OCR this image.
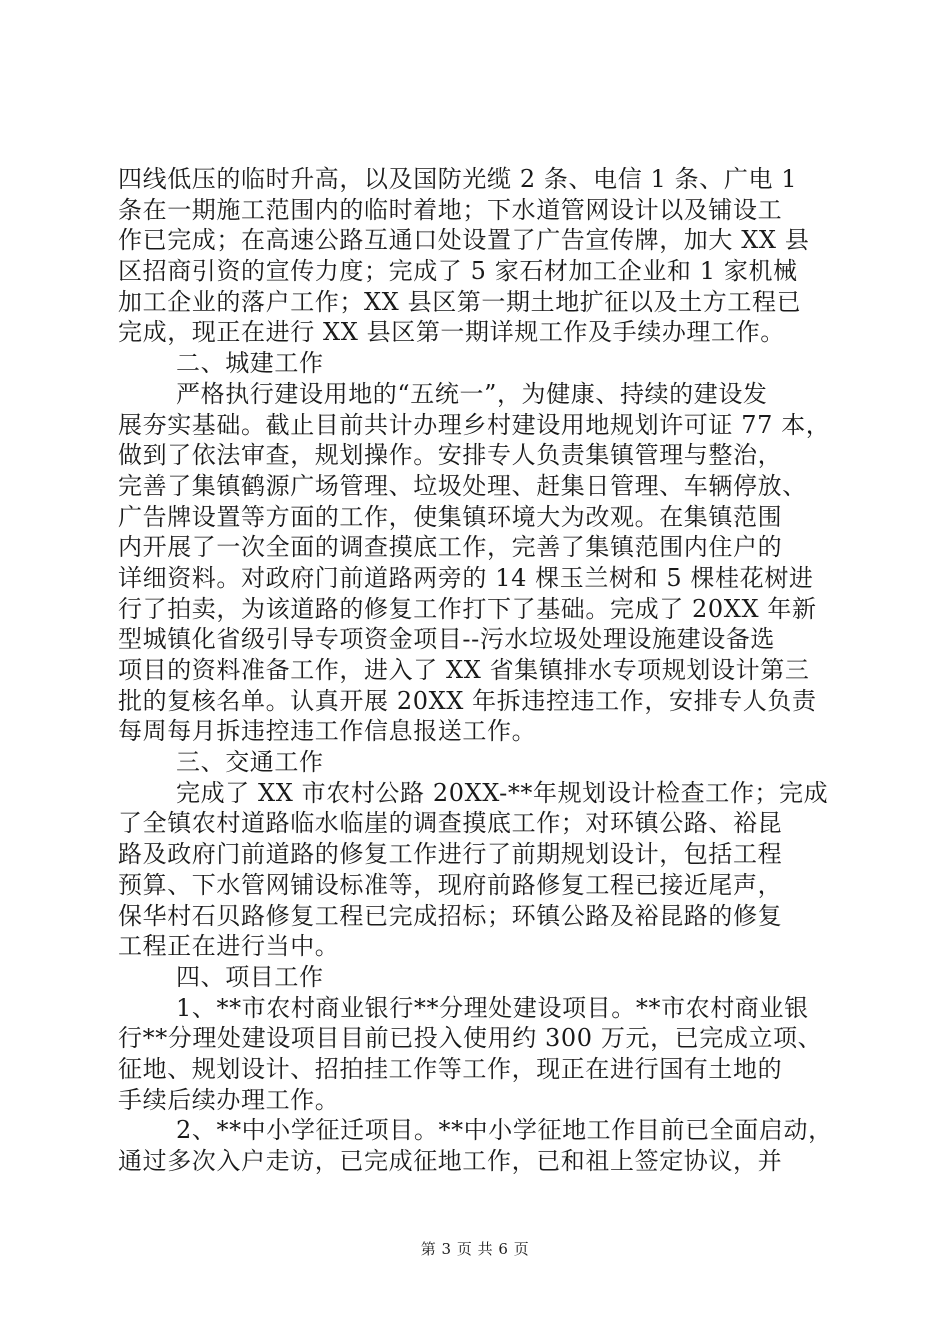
四线低压的临时升高，以及国防光缆 2 条、电信 1 条、广电 1
条在一期施工范围内的临时着地；下水道管网设计以及铺设工
作已完成；在高速公路互通口处设置了广告宣传牌，加大 XX 县
区招商引资的宣传力度；完成了 5 家石材加工企业和 1 家机械
加工企业的落户工作；XX 县区第一期土地扩征以及土方工程已
完成，现正在进行 XX 县区第一期详规工作及手续办理工作。
二、城建工作
严格执行建设用地的“五统一”，为健康、持续的建设发
展夯实基础。截止目前共计办理乡村建设用地规划许可证 77 本，
做到了依法审查，规划操作。安排专人负责集镇管理与整治，
完善了集镇鹤源广场管理、垃圾处理、赶集日管理、车辆停放、
广告牌设置等方面的工作，使集镇环境大为改观。在集镇范围
内开展了一次全面的调查摸底工作，完善了集镇范围内住户的
详细资料。对政府门前道路两旁的 14 棵玉兰树和 5 棵桂花树进
行了拍卖，为该道路的修复工作打下了基础。完成了 20XX 年新
型城镇化省级引导专项资金项目--污水垃圾处理设施建设备选
项目的资料准备工作，进入了 XX 省集镇排水专项规划设计第三
批的复核名单。认真开展 20XX 年拆违控违工作，安排专人负责
每周每月拆违控违工作信息报送工作。
三、交通工作
完成了 XX 市农村公路 20XX-**年规划设计检查工作；完成
了全镇农村道路临水临崖的调查摸底工作；对环镇公路、裕昆
路及政府门前道路的修复工作进行了前期规划设计，包括工程
预算、下水管网铺设标准等，现府前路修复工程已接近尾声，
保华村石贝路修复工程已完成招标；环镇公路及裕昆路的修复
工程正在进行当中。
四、项目工作
1、**市农村商业银行**分理处建设项目。**市农村商业银
行**分理处建设项目目前已投入使用约 300 万元，已完成立项、
征地、规划设计、招拍挂工作等工作，现正在进行国有土地的
手续后续办理工作。
2、**中小学征迁项目。**中小学征地工作目前已全面启动，
通过多次入户走访，已完成征地工作，已和祖上签定协议，并
第 3 页 共 6 页
